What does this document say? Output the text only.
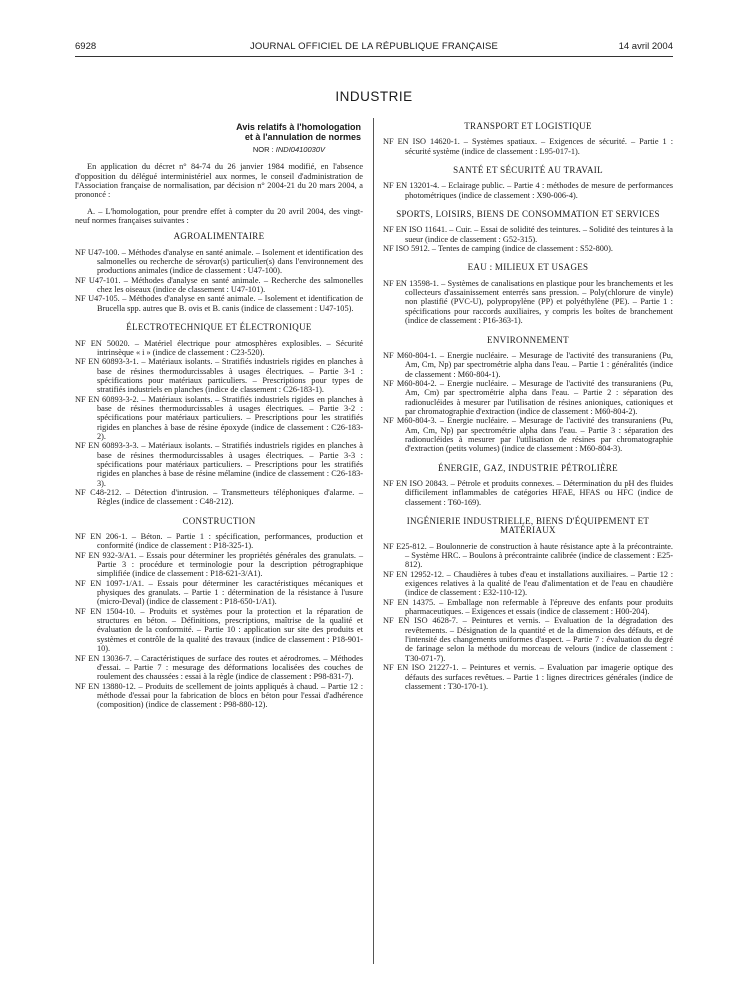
6928	JOURNAL OFFICIEL DE LA RÉPUBLIQUE FRANÇAISE	14 avril 2004
INDUSTRIE
Avis relatifs à l'homologation
et à l'annulation de normes
NOR : INDI0410030V
En application du décret n° 84-74 du 26 janvier 1984 modifié, en l'absence d'opposition du délégué interministériel aux normes, le conseil d'administration de l'Association française de normalisation, par décision n° 2004-21 du 20 mars 2004, a prononcé :
A. – L'homologation, pour prendre effet à compter du 20 avril 2004, des vingt-neuf normes françaises suivantes :
AGROALIMENTAIRE
NF U47-100. – Méthodes d'analyse en santé animale. – Isolement et identification des salmonelles ou recherche de sérovar(s) particulier(s) dans l'environnement des productions animales (indice de classement : U47-100).
NF U47-101. – Méthodes d'analyse en santé animale. – Recherche des salmonelles chez les oiseaux (indice de classement : U47-101).
NF U47-105. – Méthodes d'analyse en santé animale. – Isolement et identification de Brucella spp. autres que B. ovis et B. canis (indice de classement : U47-105).
ÉLECTROTECHNIQUE ET ÉLECTRONIQUE
NF EN 50020. – Matériel électrique pour atmosphères explosibles. – Sécurité intrinsèque « i » (indice de classement : C23-520).
NF EN 60893-3-1. – Matériaux isolants. – Stratifiés industriels rigides en planches à base de résines thermodurcissables à usages électriques. – Partie 3-1 : spécifications pour matériaux particuliers. – Prescriptions pour types de stratifiés industriels en planches (indice de classement : C26-183-1).
NF EN 60893-3-2. – Matériaux isolants. – Stratifiés industriels rigides en planches à base de résines thermodurcissables à usages électriques. – Partie 3-2 : spécifications pour matériaux particuliers. – Prescriptions pour les stratifiés rigides en planches à base de résine époxyde (indice de classement : C26-183-2).
NF EN 60893-3-3. – Matériaux isolants. – Stratifiés industriels rigides en planches à base de résines thermodurcissables à usages électriques. – Partie 3-3 : spécifications pour matériaux particuliers. – Prescriptions pour les stratifiés rigides en planches à base de résine mélamine (indice de classement : C26-183-3).
NF C48-212. – Détection d'intrusion. – Transmetteurs téléphoniques d'alarme. – Règles (indice de classement : C48-212).
CONSTRUCTION
NF EN 206-1. – Béton. – Partie 1 : spécification, performances, production et conformité (indice de classement : P18-325-1).
NF EN 932-3/A1. – Essais pour déterminer les propriétés générales des granulats. – Partie 3 : procédure et terminologie pour la description pétrographique simplifiée (indice de classement : P18-621-3/A1).
NF EN 1097-1/A1. – Essais pour déterminer les caractéristiques mécaniques et physiques des granulats. – Partie 1 : détermination de la résistance à l'usure (micro-Deval) (indice de classement : P18-650-1/A1).
NF EN 1504-10. – Produits et systèmes pour la protection et la réparation de structures en béton. – Définitions, prescriptions, maîtrise de la qualité et évaluation de la conformité. – Partie 10 : application sur site des produits et systèmes et contrôle de la qualité des travaux (indice de classement : P18-901-10).
NF EN 13036-7. – Caractéristiques de surface des routes et aérodromes. – Méthodes d'essai. – Partie 7 : mesurage des déformations localisées des couches de roulement des chaussées : essai à la règle (indice de classement : P98-831-7).
NF EN 13880-12. – Produits de scellement de joints appliqués à chaud. – Partie 12 : méthode d'essai pour la fabrication de blocs en béton pour l'essai d'adhérence (composition) (indice de classement : P98-880-12).
TRANSPORT ET LOGISTIQUE
NF EN ISO 14620-1. – Systèmes spatiaux. – Exigences de sécurité. – Partie 1 : sécurité système (indice de classement : L95-017-1).
SANTÉ ET SÉCURITÉ AU TRAVAIL
NF EN 13201-4. – Eclairage public. – Partie 4 : méthodes de mesure de performances photométriques (indice de classement : X90-006-4).
SPORTS, LOISIRS, BIENS DE CONSOMMATION ET SERVICES
NF EN ISO 11641. – Cuir. – Essai de solidité des teintures. – Solidité des teintures à la sueur (indice de classement : G52-315).
NF ISO 5912. – Tentes de camping (indice de classement : S52-800).
EAU : MILIEUX ET USAGES
NF EN 13598-1. – Systèmes de canalisations en plastique pour les branchements et les collecteurs d'assainissement enterrés sans pression. – Poly(chlorure de vinyle) non plastifié (PVC-U), polypropylène (PP) et polyéthylène (PE). – Partie 1 : spécifications pour raccords auxiliaires, y compris les boîtes de branchement (indice de classement : P16-363-1).
ENVIRONNEMENT
NF M60-804-1. – Energie nucléaire. – Mesurage de l'activité des transuraniens (Pu, Am, Cm, Np) par spectrométrie alpha dans l'eau. – Partie 1 : généralités (indice de classement : M60-804-1).
NF M60-804-2. – Energie nucléaire. – Mesurage de l'activité des transuraniens (Pu, Am, Cm) par spectrométrie alpha dans l'eau. – Partie 2 : séparation des radionucléides à mesurer par l'utilisation de résines anioniques, cationiques et par chromatographie d'extraction (indice de classement : M60-804-2).
NF M60-804-3. – Energie nucléaire. – Mesurage de l'activité des transuraniens (Pu, Am, Cm, Np) par spectrométrie alpha dans l'eau. – Partie 3 : séparation des radionucléides à mesurer par l'utilisation de résines par chromatographie d'extraction (petits volumes) (indice de classement : M60-804-3).
ÉNERGIE, GAZ, INDUSTRIE PÉTROLIÈRE
NF EN ISO 20843. – Pétrole et produits connexes. – Détermination du pH des fluides difficilement inflammables de catégories HFAE, HFAS ou HFC (indice de classement : T60-169).
INGÉNIERIE INDUSTRIELLE, BIENS D'ÉQUIPEMENT ET MATÉRIAUX
NF E25-812. – Boulonnerie de construction à haute résistance apte à la précontrainte. – Système HRC. – Boulons à précontrainte calibrée (indice de classement : E25-812).
NF EN 12952-12. – Chaudières à tubes d'eau et installations auxiliaires. – Partie 12 : exigences relatives à la qualité de l'eau d'alimentation et de l'eau en chaudière (indice de classement : E32-110-12).
NF EN 14375. – Emballage non refermable à l'épreuve des enfants pour produits pharmaceutiques. – Exigences et essais (indice de classement : H00-204).
NF EN ISO 4628-7. – Peintures et vernis. – Evaluation de la dégradation des revêtements. – Désignation de la quantité et de la dimension des défauts, et de l'intensité des changements uniformes d'aspect. – Partie 7 : évaluation du degré de farinage selon la méthode du morceau de velours (indice de classement : T30-071-7).
NF EN ISO 21227-1. – Peintures et vernis. – Evaluation par imagerie optique des défauts des surfaces revêtues. – Partie 1 : lignes directrices générales (indice de classement : T30-170-1).
